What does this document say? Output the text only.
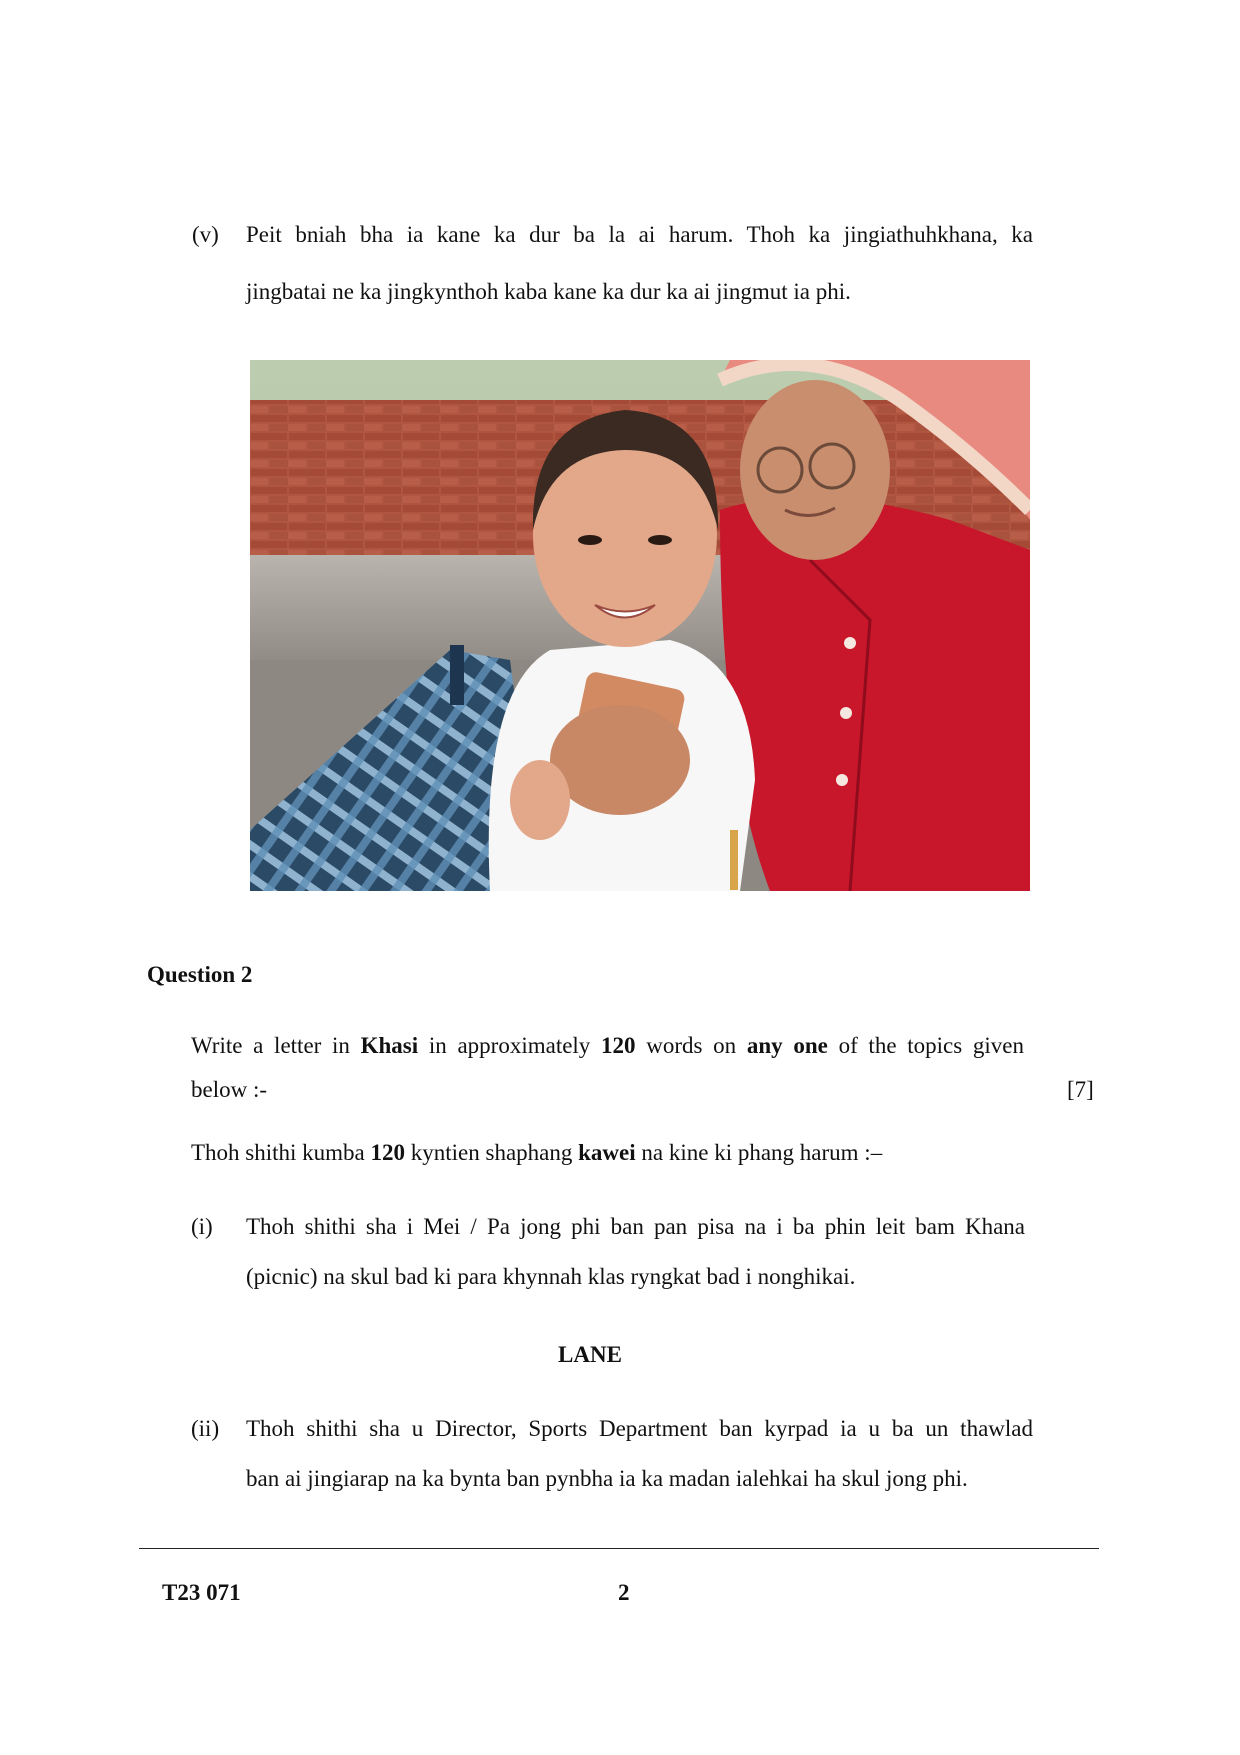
(v) Peit bniah bha ia kane ka dur ba la ai harum. Thoh ka jingiathuhkhana, ka
jingbatai ne ka jingkynthoh kaba kane ka dur ka ai jingmut ia phi.
Question 2
Write a letter in Khasi in approximately 120 words on any one of the topics given
below :-	[7]
Thoh shithi kumba 120 kyntien shaphang kawei na kine ki phang harum :–
(i) Thoh shithi sha i Mei / Pa jong phi ban pan pisa na i ba phin leit bam Khana
(picnic) na skul bad ki para khynnah klas ryngkat bad i nonghikai.
LANE
(ii) Thoh shithi sha u Director, Sports Department ban kyrpad ia u ba un thawlad
ban ai jingiarap na ka bynta ban pynbha ia ka madan ialehkai ha skul jong phi.
T23 071	2
